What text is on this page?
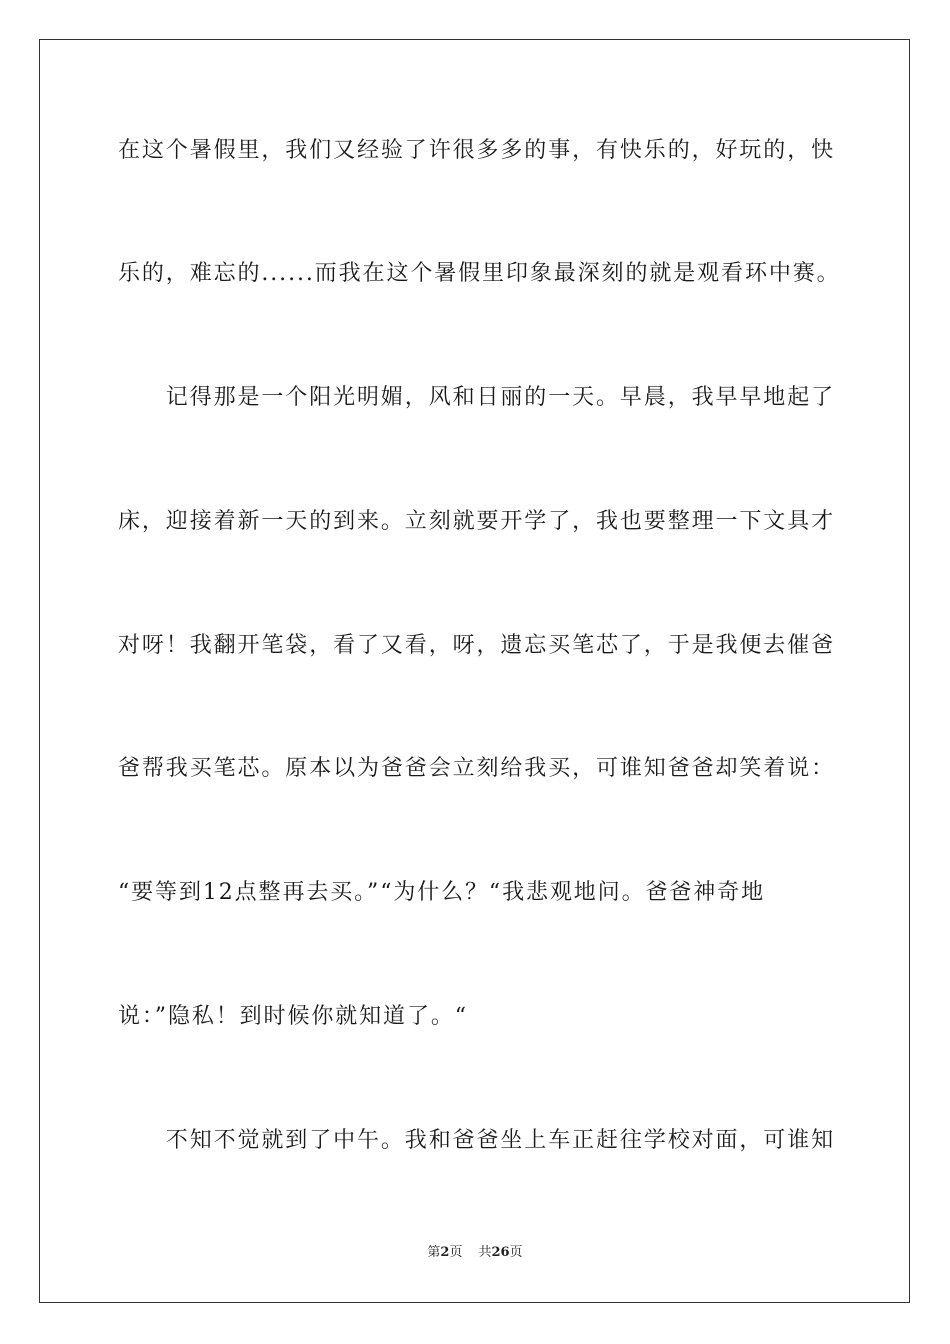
在这个暑假里，我们又经验了许很多多的事，有快乐的，好玩的，快
乐的，难忘的......而我在这个暑假里印象最深刻的就是观看环中赛。
　　记得那是一个阳光明媚，风和日丽的一天。早晨，我早早地起了
床，迎接着新一天的到来。立刻就要开学了，我也要整理一下文具才
对呀！我翻开笔袋，看了又看，呀，遗忘买笔芯了，于是我便去催爸
爸帮我买笔芯。原本以为爸爸会立刻给我买，可谁知爸爸却笑着说：
“要等到12点整再去买。”“为什么？“我悲观地问。爸爸神奇地
说：”隐私！到时候你就知道了。“
　　不知不觉就到了中午。我和爸爸坐上车正赶往学校对面，可谁知
第2页 共26页
